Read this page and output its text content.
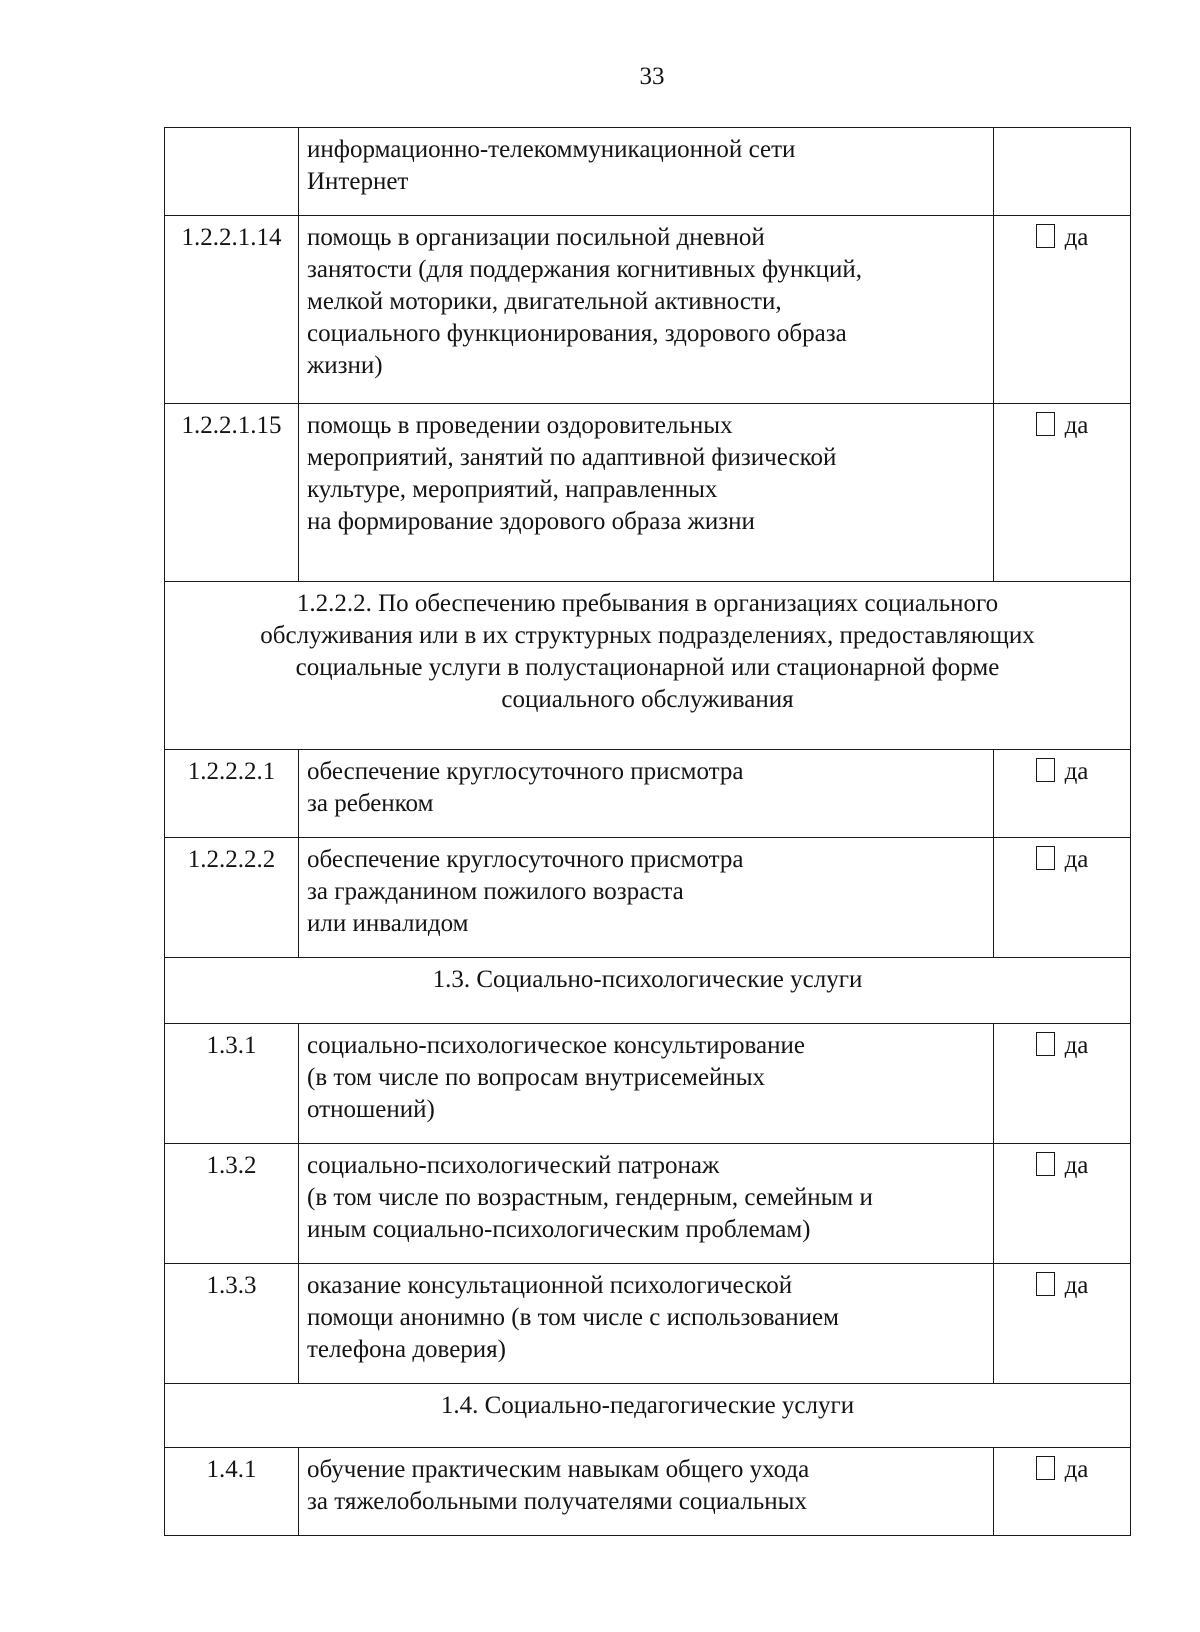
33

	информационно-телекоммуникационной сети
Интернет	

1.2.2.1.14	помощь в организации посильной дневной
занятости (для поддержания когнитивных функций,
мелкой моторики, двигательной активности,
социального функционирования, здорового образа
жизни)	да
1.2.2.1.15	помощь в проведении оздоровительных
мероприятий, занятий по адаптивной физической
культуре, мероприятий, направленных
на формирование здорового образа жизни	да

1.2.2.2. По обеспечению пребывания в организациях социального
обслуживания или в их структурных подразделениях, предоставляющих
социальные услуги в полустационарной или стационарной форме
социального обслуживания		

1.2.2.2.1	обеспечение круглосуточного присмотра
за ребенком	да
1.2.2.2.2	обеспечение круглосуточного присмотра
за гражданином пожилого возраста
или инвалидом	да

1.3. Социально-психологические услуги		

1.3.1	социально-психологическое консультирование
(в том числе по вопросам внутрисемейных
отношений)	да
1.3.2	социально-психологический патронаж
(в том числе по возрастным, гендерным, семейным и
иным социально-психологическим проблемам)	да
1.3.3	оказание консультационной психологической
помощи анонимно (в том числе с использованием
телефона доверия)	да

1.4. Социально-педагогические услуги		

1.4.1	обучение практическим навыкам общего ухода
за тяжелобольными получателями социальных	да
